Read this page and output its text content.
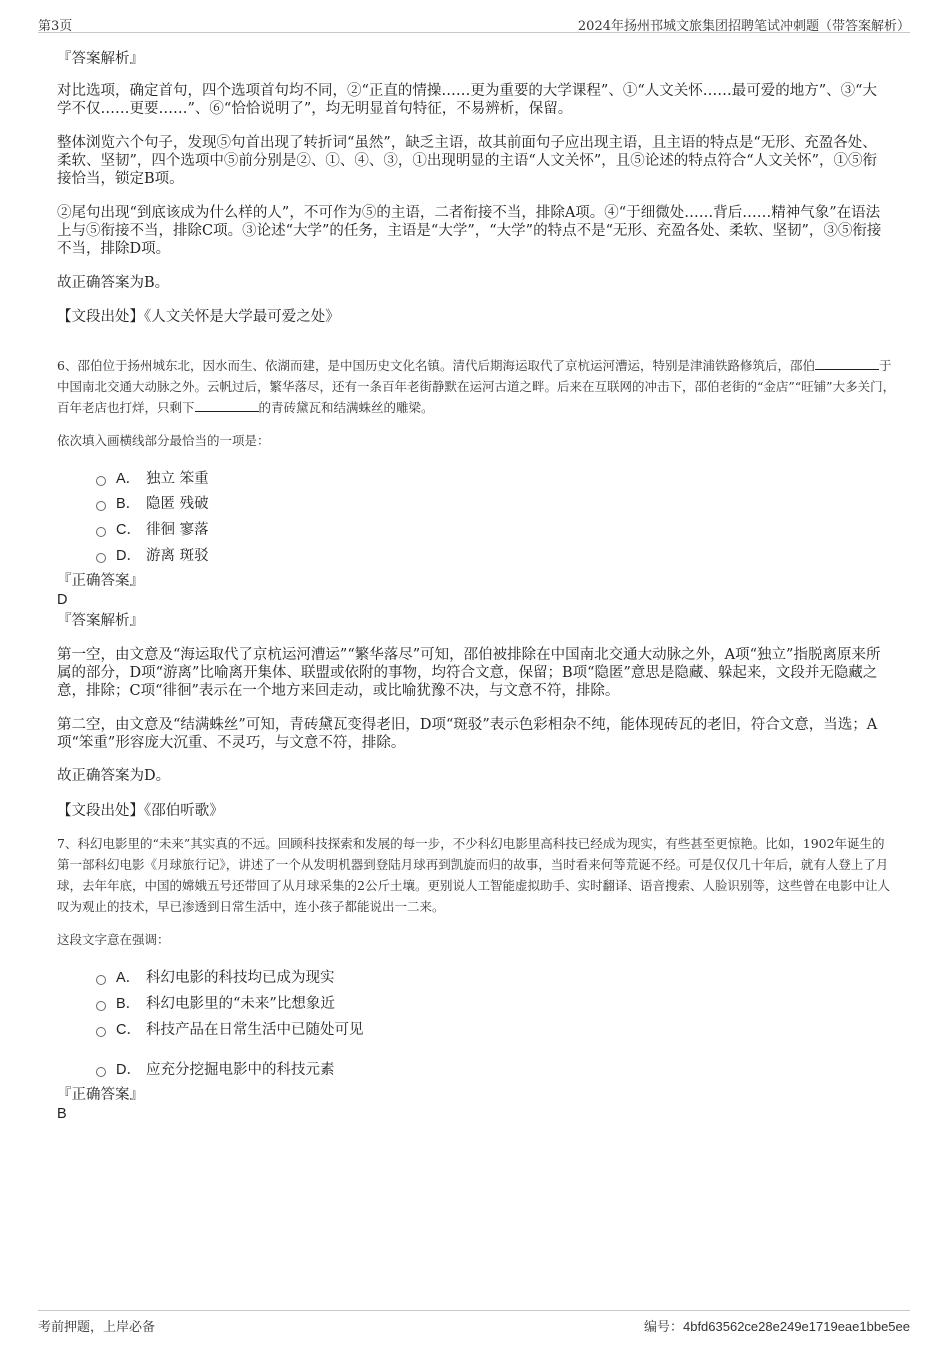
第3页	2024年扬州邗城文旅集团招聘笔试冲刺题（带答案解析）
『答案解析』
对比选项，确定首句，四个选项首句均不同，②“正直的情操……更为重要的大学课程”、①“人文关怀……最可爱的地方”、③“大学不仅……更要……”、⑥“恰恰说明了”，均无明显首句特征，不易辨析，保留。
整体浏览六个句子，发现⑤句首出现了转折词“虽然”，缺乏主语，故其前面句子应出现主语，且主语的特点是“无形、充盈各处、柔软、坚韧”，四个选项中⑤前分别是②、①、④、③，①出现明显的主语“人文关怀”，且⑤论述的特点符合“人文关怀”，①⑤衔接恰当，锁定B项。
②尾句出现“到底该成为什么样的人”，不可作为⑤的主语，二者衔接不当，排除A项。④“于细微处……背后……精神气象”在语法上与⑤衔接不当，排除C项。③论述“大学”的任务，主语是“大学”，“大学”的特点不是“无形、充盈各处、柔软、坚韧”，③⑤衔接不当，排除D项。
故正确答案为B。
【文段出处】《人文关怀是大学最可爱之处》
6、邵伯位于扬州城东北，因水而生、依湖而建，是中国历史文化名镇。清代后期海运取代了京杭运河漕运，特别是津浦铁路修筑后，邵伯	于中国南北交通大动脉之外。云帆过后，繁华落尽，还有一条百年老街静默在运河古道之畔。后来在互联网的冲击下，邵伯老街的“金店”“旺铺”大多关门，百年老店也打烊，只剩下	的青砖黛瓦和结满蛛丝的雕梁。
依次填入画横线部分最恰当的一项是：
A． 独立 笨重
B． 隐匿 残破
C． 徘徊 寥落
D． 游离 斑驳
『正确答案』
D
『答案解析』
第一空，由文意及“海运取代了京杭运河漕运”“繁华落尽”可知，邵伯被排除在中国南北交通大动脉之外，A项“独立”指脱离原来所属的部分，D项“游离”比喻离开集体、联盟或依附的事物，均符合文意，保留；B项“隐匿”意思是隐藏、躲起来，文段并无隐藏之意，排除；C项“徘徊”表示在一个地方来回走动，或比喻犹豫不决，与文意不符，排除。
第二空，由文意及“结满蛛丝”可知，青砖黛瓦变得老旧，D项“斑驳”表示色彩相杂不纯，能体现砖瓦的老旧，符合文意，当选；A项“笨重”形容庞大沉重、不灵巧，与文意不符，排除。
故正确答案为D。
【文段出处】《邵伯听歌》
7、科幻电影里的“未来”其实真的不远。回顾科技探索和发展的每一步，不少科幻电影里高科技已经成为现实，有些甚至更惊艳。比如，1902年诞生的第一部科幻电影《月球旅行记》，讲述了一个从发明机器到登陆月球再到凯旋而归的故事，当时看来何等荒诞不经。可是仅仅几十年后，就有人登上了月球，去年年底，中国的嫦娥五号还带回了从月球采集的2公斤土壤。更别说人工智能虚拟助手、实时翻译、语音搜索、人脸识别等，这些曾在电影中让人叹为观止的技术，早已渗透到日常生活中，连小孩子都能说出一二来。
这段文字意在强调：
A． 科幻电影的科技均已成为现实
B． 科幻电影里的“未来”比想象近
C． 科技产品在日常生活中已随处可见
D． 应充分挖掘电影中的科技元素
『正确答案』
B
考前押题，上岸必备	编号：4bfd63562ce28e249e1719eae1bbe5ee
